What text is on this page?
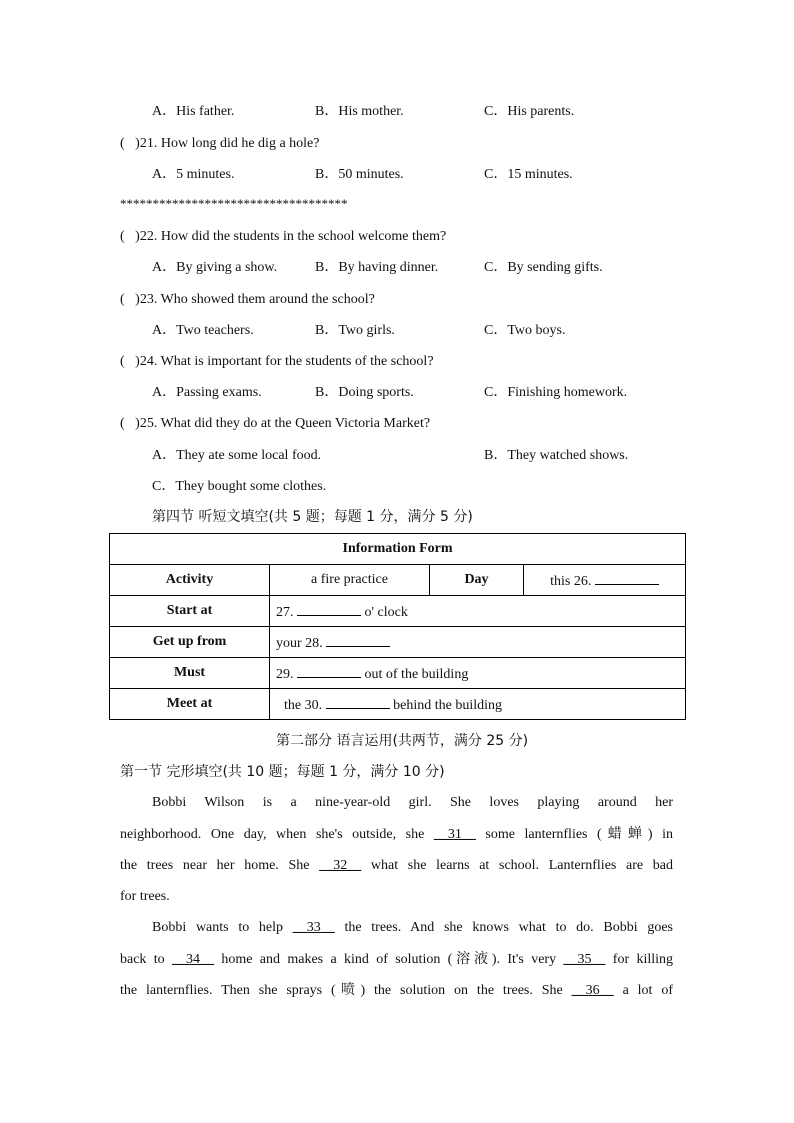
A．His father.	B．His mother.	C．His parents.
( )21. How long did he dig a hole?
A．5 minutes.	B．50 minutes.	C．15 minutes.
***********************************
( )22. How did the students in the school welcome them?
A．By giving a show.	B．By having dinner.	C．By sending gifts.
( )23. Who showed them around the school?
A．Two teachers.	B．Two girls.	C．Two boys.
( )24. What is important for the students of the school?
A．Passing exams.	B．Doing sports.	C．Finishing homework.
( )25. What did they do at the Queen Victoria Market?
A．They ate some local food.	B．They watched shows.
C．They bought some clothes.
第四节 听短文填空(共 5 题；每题 1 分，满分 5 分)
Information Form			
Activity	a fire practice	Day	this 26.
Start at	27. o' clock		
Get up from	your 28.		
Must	29. out of the building		
Meet at	the 30. behind the building		
第二部分 语言运用(共两节，满分 25 分)
第一节 完形填空(共 10 题；每题 1 分，满分 10 分)
Bobbi Wilson is a nine-year-old girl. She loves playing around her
neighborhood. One day, when she's outside, she __31__ some lanternflies (蜡蝉) in
the trees near her home. She __32__ what she learns at school. Lanternflies are bad
for trees.
Bobbi wants to help __33__ the trees. And she knows what to do. Bobbi goes
back to __34__ home and makes a kind of solution (溶液). It's very __35__ for killing
the lanternflies. Then she sprays (喷) the solution on the trees. She __36__ a lot of
